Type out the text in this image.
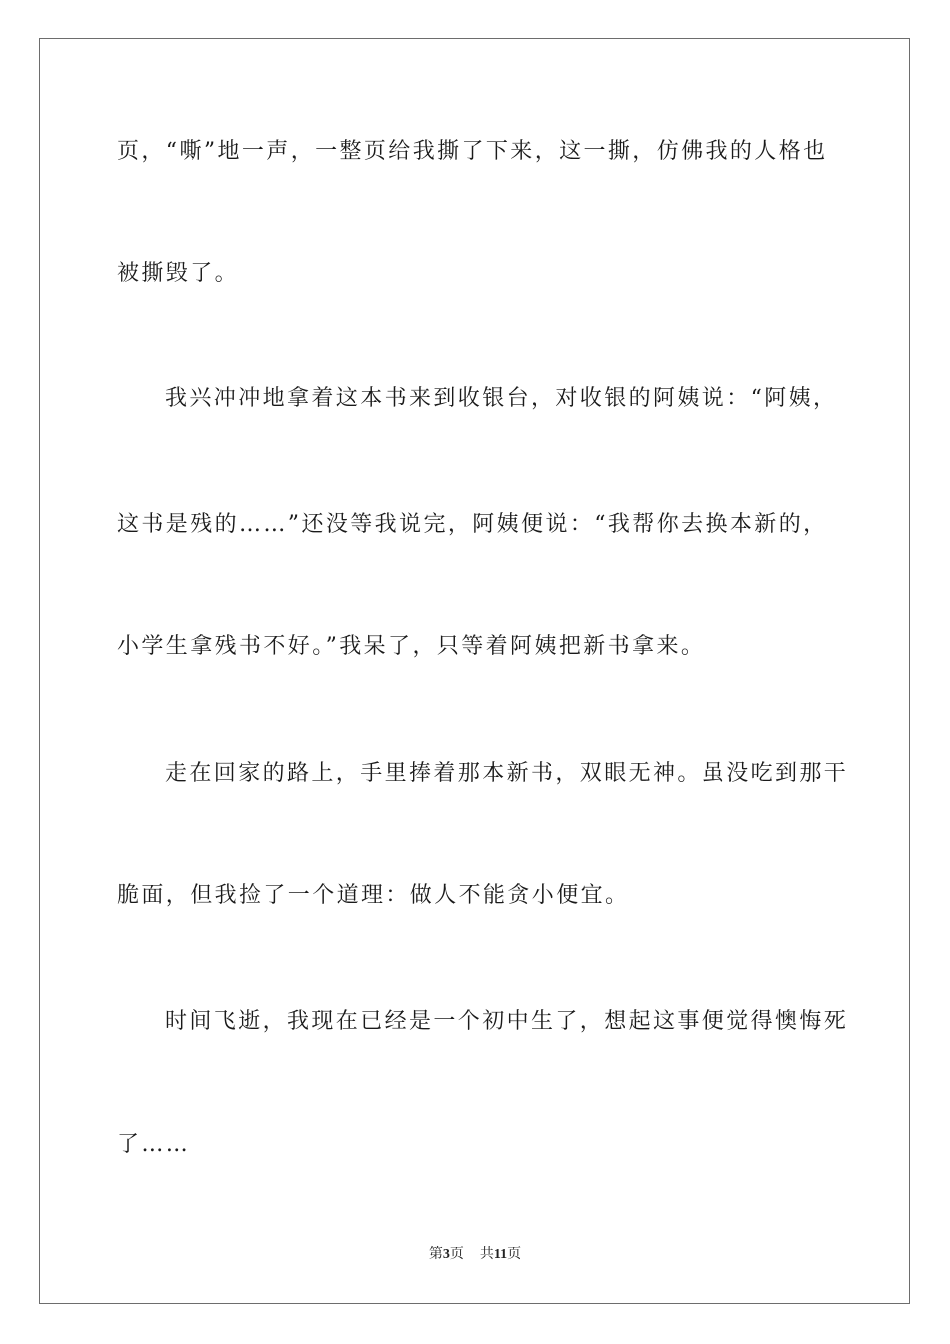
页，“嘶”地一声，一整页给我撕了下来，这一撕，仿佛我的人格也
被撕毁了。
我兴冲冲地拿着这本书来到收银台，对收银的阿姨说：“阿姨，
这书是残的……”还没等我说完，阿姨便说：“我帮你去换本新的，
小学生拿残书不好。”我呆了，只等着阿姨把新书拿来。
走在回家的路上，手里捧着那本新书，双眼无神。虽没吃到那干
脆面，但我捡了一个道理：做人不能贪小便宜。
时间飞逝，我现在已经是一个初中生了，想起这事便觉得懊悔死
了……
第3页 共11页
